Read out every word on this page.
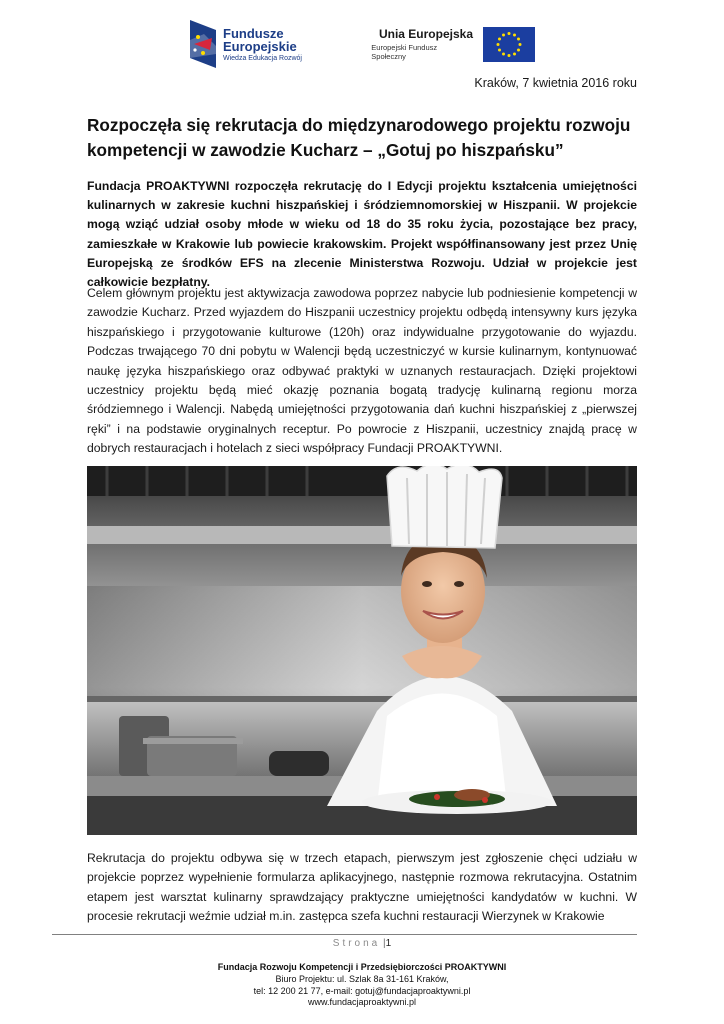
Fundusze
Europejskie
Wiedza Edukacja Rozwój
Unia Europejska
Europejski Fundusz Społeczny
Kraków, 7 kwietnia 2016 roku
Rozpoczęła się rekrutacja do międzynarodowego projektu rozwoju kompetencji w zawodzie Kucharz – „Gotuj po hiszpańsku”

Fundacja PROAKTYWNI rozpoczęła rekrutację do I Edycji projektu kształcenia umiejętności kulinarnych w zakresie kuchni hiszpańskiej i śródziemnomorskiej w Hiszpanii. W projekcie mogą wziąć udział osoby młode w wieku od 18 do 35 roku życia, pozostające bez pracy, zamieszkałe w Krakowie lub powiecie krakowskim. Projekt współfinansowany jest przez Unię Europejską ze środków EFS na zlecenie Ministerstwa Rozwoju. Udział w projekcie jest całkowicie bezpłatny.

Celem głównym projektu jest aktywizacja zawodowa poprzez nabycie lub podniesienie kompetencji w zawodzie Kucharz. Przed wyjazdem do Hiszpanii uczestnicy projektu odbędą intensywny kurs języka hiszpańskiego i przygotowanie kulturowe (120h) oraz indywidualne przygotowanie do wyjazdu. Podczas trwającego 70 dni pobytu w Walencji będą uczestniczyć w kursie kulinarnym, kontynuować naukę języka hiszpańskiego oraz odbywać praktyki w uznanych restauracjach. Dzięki projektowi uczestnicy projektu będą mieć okazję poznania bogatą tradycję kulinarną regionu morza śródziemnego i Walencji. Nabędą umiejętności przygotowania dań kuchni hiszpańskiej z „pierwszej ręki” i na podstawie oryginalnych receptur. Po powrocie z Hiszpanii, uczestnicy znajdą pracę w dobrych restauracjach i hotelach z sieci współpracy Fundacji PROAKTYWNI.

Rekrutacja do projektu odbywa się w trzech etapach, pierwszym jest zgłoszenie chęci udziału w projekcie poprzez wypełnienie formularza aplikacyjnego, następnie rozmowa rekrutacyjna. Ostatnim etapem jest warsztat kulinarny sprawdzający praktyczne umiejętności kandydatów w kuchni. W procesie rekrutacji weźmie udział m.in. zastępca szefa kuchni restauracji Wierzynek w Krakowie

Strona |1
Fundacja Rozwoju Kompetencji i Przedsiębiorczości PROAKTYWNI
Biuro Projektu: ul. Szlak 8a 31-161 Kraków,
tel: 12 200 21 77, e-mail: gotuj@fundacjaproaktywni.pl
www.fundacjaproaktywni.pl
